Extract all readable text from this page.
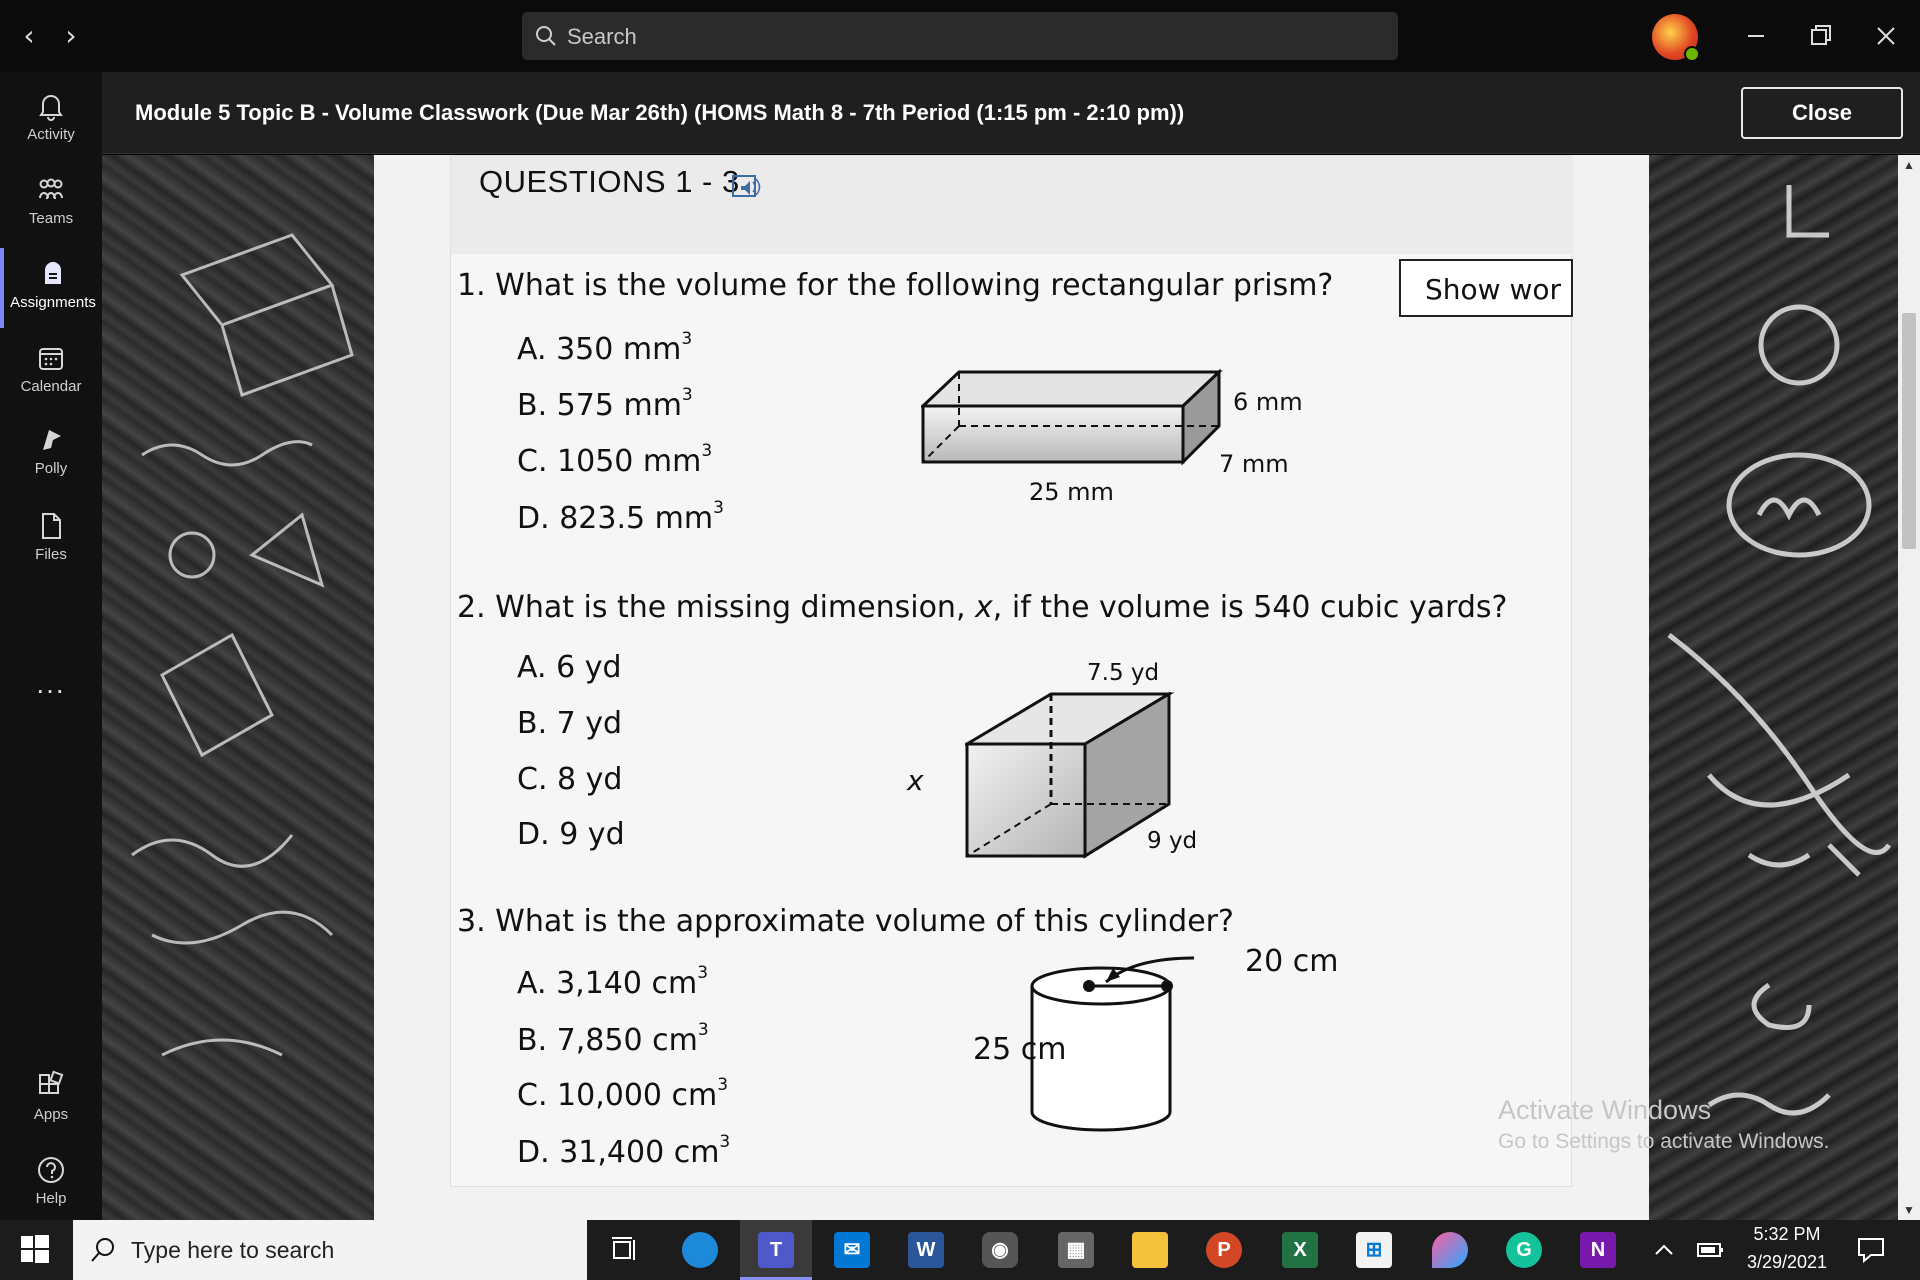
‹	›	Search
Activity
Teams
Assignments
Calendar
Polly
Files
...
Apps
Help
Module 5 Topic B - Volume Classwork (Due Mar 26th) (HOMS Math 8 - 7th Period (1:15 pm - 2:10 pm))	Close
QUESTIONS 1 - 3
Show wor
1. What is the volume for the following rectangular prism?
A. 350 $mm^3$
B. 575 $mm^3$
C. 1050 $mm^3$
D. 823.5 $mm^3$
6 mm
7 mm
25 mm
2. What is the missing dimension, x, if the volume is 540 cubic yards?
A. 6 yd
B. 7 yd
C. 8 yd
D. 9 yd
7.5 yd
x
9 yd
3. What is the approximate volume of this cylinder?
A. 3,140 $cm^3$
B. 7,850 $cm^3$
C. 10,000 $cm^3$
D. 31,400 $cm^3$
20 cm
25 cm
▲
▼
Activate Windows
Go to Settings to activate Windows.
Type here to search	T	✉	W	◉	▦	P	X	⊞	G	N
5:32 PM
3/29/2021
